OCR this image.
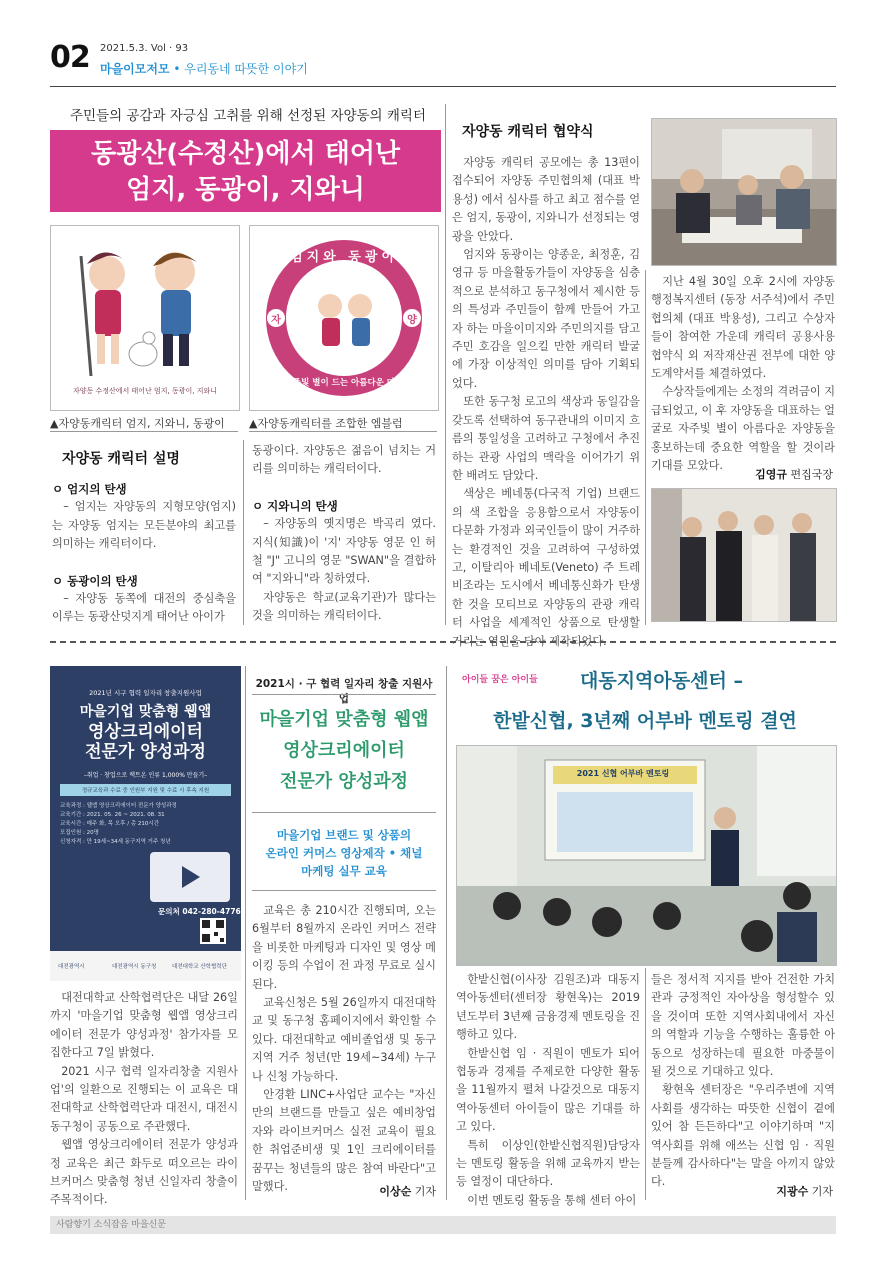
02 2021.5.3. Vol · 93
마을이모저모 • 우리동네 따뜻한 이야기
주민들의 공감과 자긍심 고취를 위해 선정된 자양동의 캐릭터
동광산(수정산)에서 태어난
엄지, 동광이, 지와니
자양동 수정산에서 태어난 엄지, 동광이, 지와니
엄지와 동광이
자주빛 별이 드는 아름다운 마을
자	양
▲자양동캐릭터 엄지, 지와니, 동광이	▲자양동캐릭터를 조합한 엠블럼
자양동 캐릭터 설명
ㅇ 엄지의 탄생

– 엄지는 자양동의 지형모양(엄지)는 자양동 엄지는 모든분야의 최고를 의미하는 캐릭터이다.

ㅇ 동광이의 탄생

– 자양동 동쪽에 대전의 중심축을 이루는 동광산덧지게 태어난 아이가

동광이다. 자양동은 젊음이 넘치는 거리를 의미하는 캐릭터이다.

ㅇ 지와니의 탄생

– 자양동의 옛지명은 박곡리 였다. 지식(知識)이 '지' 자양동 영문 인 허철 "J" 고니의 영문 "SWAN"을 결합하여 "지와니"라 칭하였다.

자양동은 학교(교육기관)가 많다는 것을 의미하는 캐릭터이다.

자양동 캐릭터 협약식

자양동 캐릭터 공모에는 총 13편이 접수되어 자양동 주민협의체 (대표 박용성) 에서 심사를 하고 최고 점수를 얻은 엄지, 동광이, 지와니가 선정되는 영광을 안았다.

엄지와 동광이는 양종운, 최정훈, 김영규 등 마을활동가들이 자양동을 심층적으로 분석하고 동구청에서 제시한 등의 특성과 주민들이 함께 만들어 가고자 하는 마을이미지와 주민의지를 담고 주민 호감을 일으킬 만한 캐릭터 발굴에 가장 이상적인 의미를 담아 기획되었다.

또한 동구청 로고의 색상과 동일감을 갖도록 선택하여 동구관내의 이미지 흐름의 통일성을 고려하고 구청에서 추진하는 관광 사업의 맥락을 이어가기 위한 배려도 담았다.

색상은 베네통(다국적 기업) 브랜드의 색 조합을 응용함으로서 자양동이 다문화 가정과 외국인들이 많이 거주하는 환경적인 것을 고려하여 구성하였고, 이탈리아 베네토(Veneto) 주 트레비조라는 도시에서 베네통신화가 탄생한 것을 모티브로 자양동의 관광 캐릭터 사업을 세계적인 상품으로 탄생할 거리는 염원을 담아 제작되었다.

지난 4월 30일 오후 2시에 자양동 행정복지센터 (동장 서주석)에서 주민협의체 (대표 박용성), 그리고 수상자들이 참여한 가운데 캐릭터 공용사용 협약식 외 저작재산권 전부에 대한 양도계약서를 체결하였다.

수상작들에게는 소정의 격려금이 지급되었고, 이 후 자양동을 대표하는 얼굴로 자주빛 별이 아름다운 자양동을 홍보하는데 중요한 역할을 할 것이라 기대를 모았다.

김영규 편집국장
2021년 시구 협력 일자리 창출지원사업
마을기업 맞춤형 웹앱
영상크리에이터
전문가 양성과정
–취업 · 창업으로 랙트온 인류 1,000% 만들기–
정규교육과 수료 중 인원부 지원 및 수료 시 후속 지원
교육과정 : 웹앱 영상크리에이터 전문가 양성과정
교육기간 : 2021. 05. 26 ~ 2021. 08. 31
교육시간 : 매주 화, 목 오후 / 총 210시간
모집인원 : 20명
신청자격 : 만 19세~34세 동구지역 거주 청년
문의처 042-280-4776
대전광역시	대전광역시 동구청	대전대학교 산학협력단
2021시 · 구 협력 일자리 창출 지원사업
마을기업 맞춤형 웹앱
영상크리에이터
전문가 양성과정
마을기업 브랜드 및 상품의
온라인 커머스 영상제작 • 채널
마케팅 실무 교육

대전대학교 산학협력단은 내달 26일까지 '마을기업 맞춤형 웹앱 영상크리에이터 전문가 양성과정' 참가자를 모집한다고 7일 밝혔다.

2021 시구 협력 일자리창출 지원사업'의 일환으로 진행되는 이 교육은 대전대학교 산학협력단과 대전시, 대전시 동구청이 공동으로 주관했다.

웹앱 영상크리에이터 전문가 양성과정 교육은 최근 화두로 떠오르는 라이브커머스 맞춤형 청년 신일자리 창출이 주목적이다.

교육은 총 210시간 진행되며, 오는 6월부터 8월까지 온라인 커머스 전략을 비롯한 마케팅과 디자인 및 영상 메이킹 등의 수업이 전 과정 무료로 실시된다.

교육신청은 5월 26일까지 대전대학교 및 동구청 홈페이지에서 확인할 수 있다. 대전대학교 예비졸업생 및 동구지역 거주 청년(만 19세~34세) 누구나 신청 가능하다.

안경환 LINC+사업단 교수는 "자신만의 브랜드를 만들고 싶은 예비창업자와 라이브커머스 실전 교육이 필요한 취업준비생 및 1인 크리에이터를 꿈꾸는 청년들의 많은 참여 바란다"고 말했다.	이상순 기자
아이들 꿈은 아이들	대동지역아동센터 –
한밭신협, 3년째 어부바 멘토링 결연
2021 신협 어부바 멘토링

한밭신협(이사장 김원조)과 대동지역아동센터(센터장 황현옥)는 2019년도부터 3년째 금융경제 멘토링을 진행하고 있다.

한밭신협 임 · 직원이 멘토가 되어 협동과 경제를 주제로한 다양한 활동을 11월까지 펼쳐 나갈것으로 대동지역아동센터 아이들이 많은 기대를 하고 있다.

특히 이상인(한밭신협직원)담당자는 멘토링 활동을 위해 교육까지 받는등 열정이 대단하다.

이번 멘토링 활동을 통해 센터 아이

들은 정서적 지지를 받아 건전한 가치관과 긍정적인 자아상을 형성할수 있을 것이며 또한 지역사회내에서 자신의 역할과 기능을 수행하는 훌륭한 아동으로 성장하는데 필요한 마중물이 될 것으로 기대하고 있다.

황현옥 센터장은 "우리주변에 지역사회를 생각하는 따뜻한 신협이 곁에 있어 참 든든하다"고 이야기하며 "지역사회를 위해 애쓰는 신협 임 · 직원 분들께 감사하다"는 말을 아끼지 않았다.

지광수 기자
사람향기 소식잡음 마을신문
